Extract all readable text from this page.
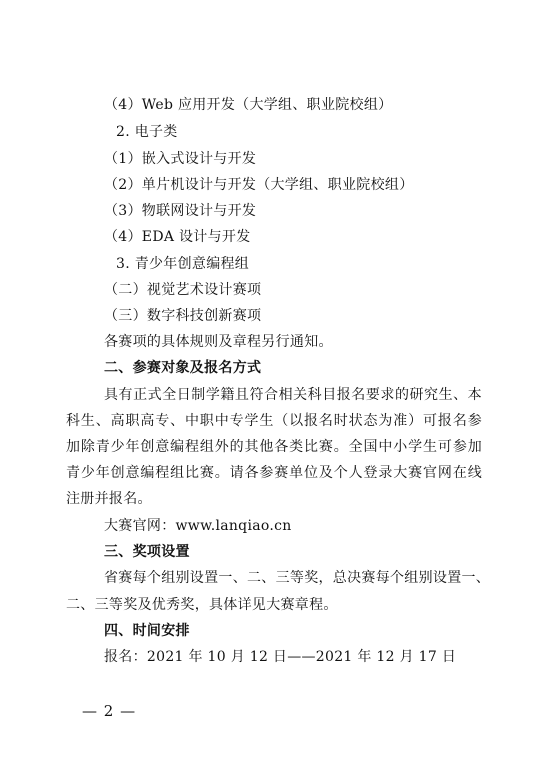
（4）Web 应用开发（大学组、职业院校组）
2. 电子类
（1）嵌入式设计与开发
（2）单片机设计与开发（大学组、职业院校组）
（3）物联网设计与开发
（4）EDA 设计与开发
3. 青少年创意编程组
（二）视觉艺术设计赛项
（三）数字科技创新赛项
各赛项的具体规则及章程另行通知。
二、参赛对象及报名方式
具有正式全日制学籍且符合相关科目报名要求的研究生、本
科生、高职高专、中职中专学生（以报名时状态为准）可报名参
加除青少年创意编程组外的其他各类比赛。全国中小学生可参加
青少年创意编程组比赛。请各参赛单位及个人登录大赛官网在线
注册并报名。
大赛官网：www.lanqiao.cn
三、奖项设置
省赛每个组别设置一、二、三等奖，总决赛每个组别设置一、
二、三等奖及优秀奖，具体详见大赛章程。
四、时间安排
报名：2021 年 10 月 12 日——2021 年 12 月 17 日
— 2 —
